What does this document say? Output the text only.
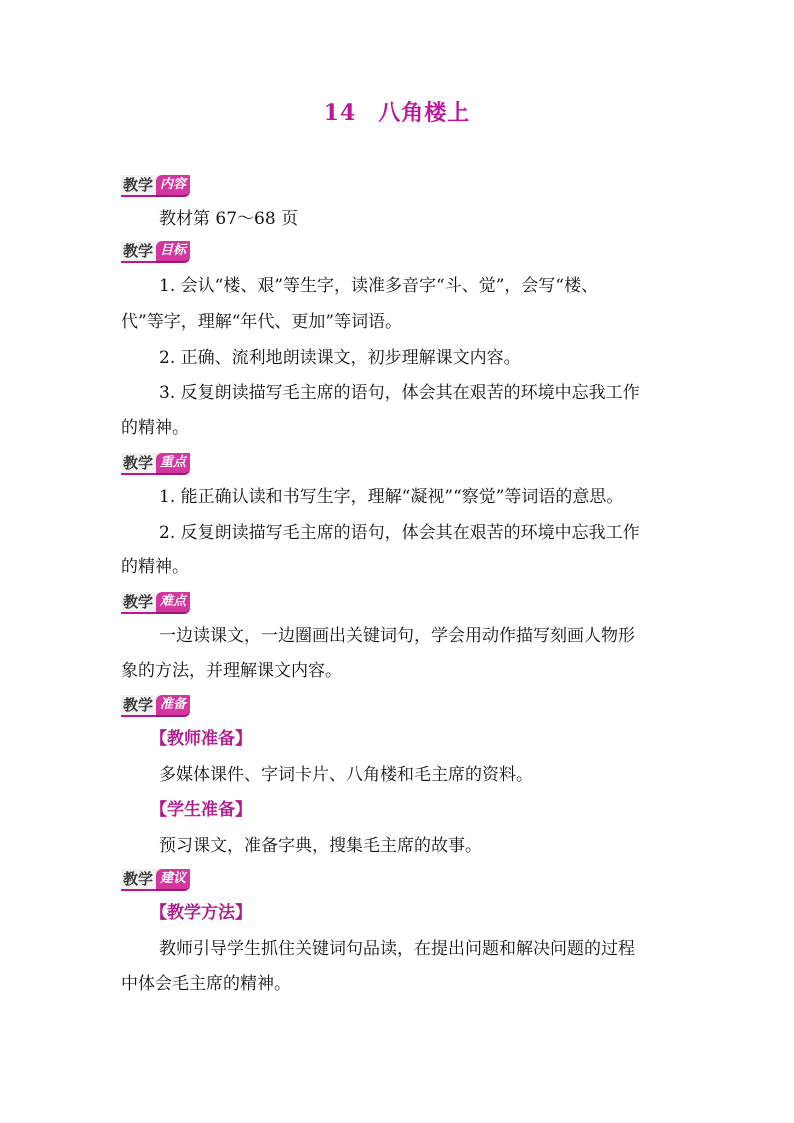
14 八角楼上
教学 内容
教材第 67～68 页
教学 目标
1. 会认“楼、艰”等生字，读准多音字“斗、觉”，会写“楼、
代”等字，理解“年代、更加”等词语。
2. 正确、流利地朗读课文，初步理解课文内容。
3. 反复朗读描写毛主席的语句，体会其在艰苦的环境中忘我工作
的精神。
教学 重点
1. 能正确认读和书写生字，理解“凝视”“察觉”等词语的意思。
2. 反复朗读描写毛主席的语句，体会其在艰苦的环境中忘我工作
的精神。
教学 难点
一边读课文，一边圈画出关键词句，学会用动作描写刻画人物形
象的方法，并理解课文内容。
教学 准备
【教师准备】
多媒体课件、字词卡片、八角楼和毛主席的资料。
【学生准备】
预习课文，准备字典，搜集毛主席的故事。
教学 建议
【教学方法】
教师引导学生抓住关键词句品读，在提出问题和解决问题的过程
中体会毛主席的精神。
